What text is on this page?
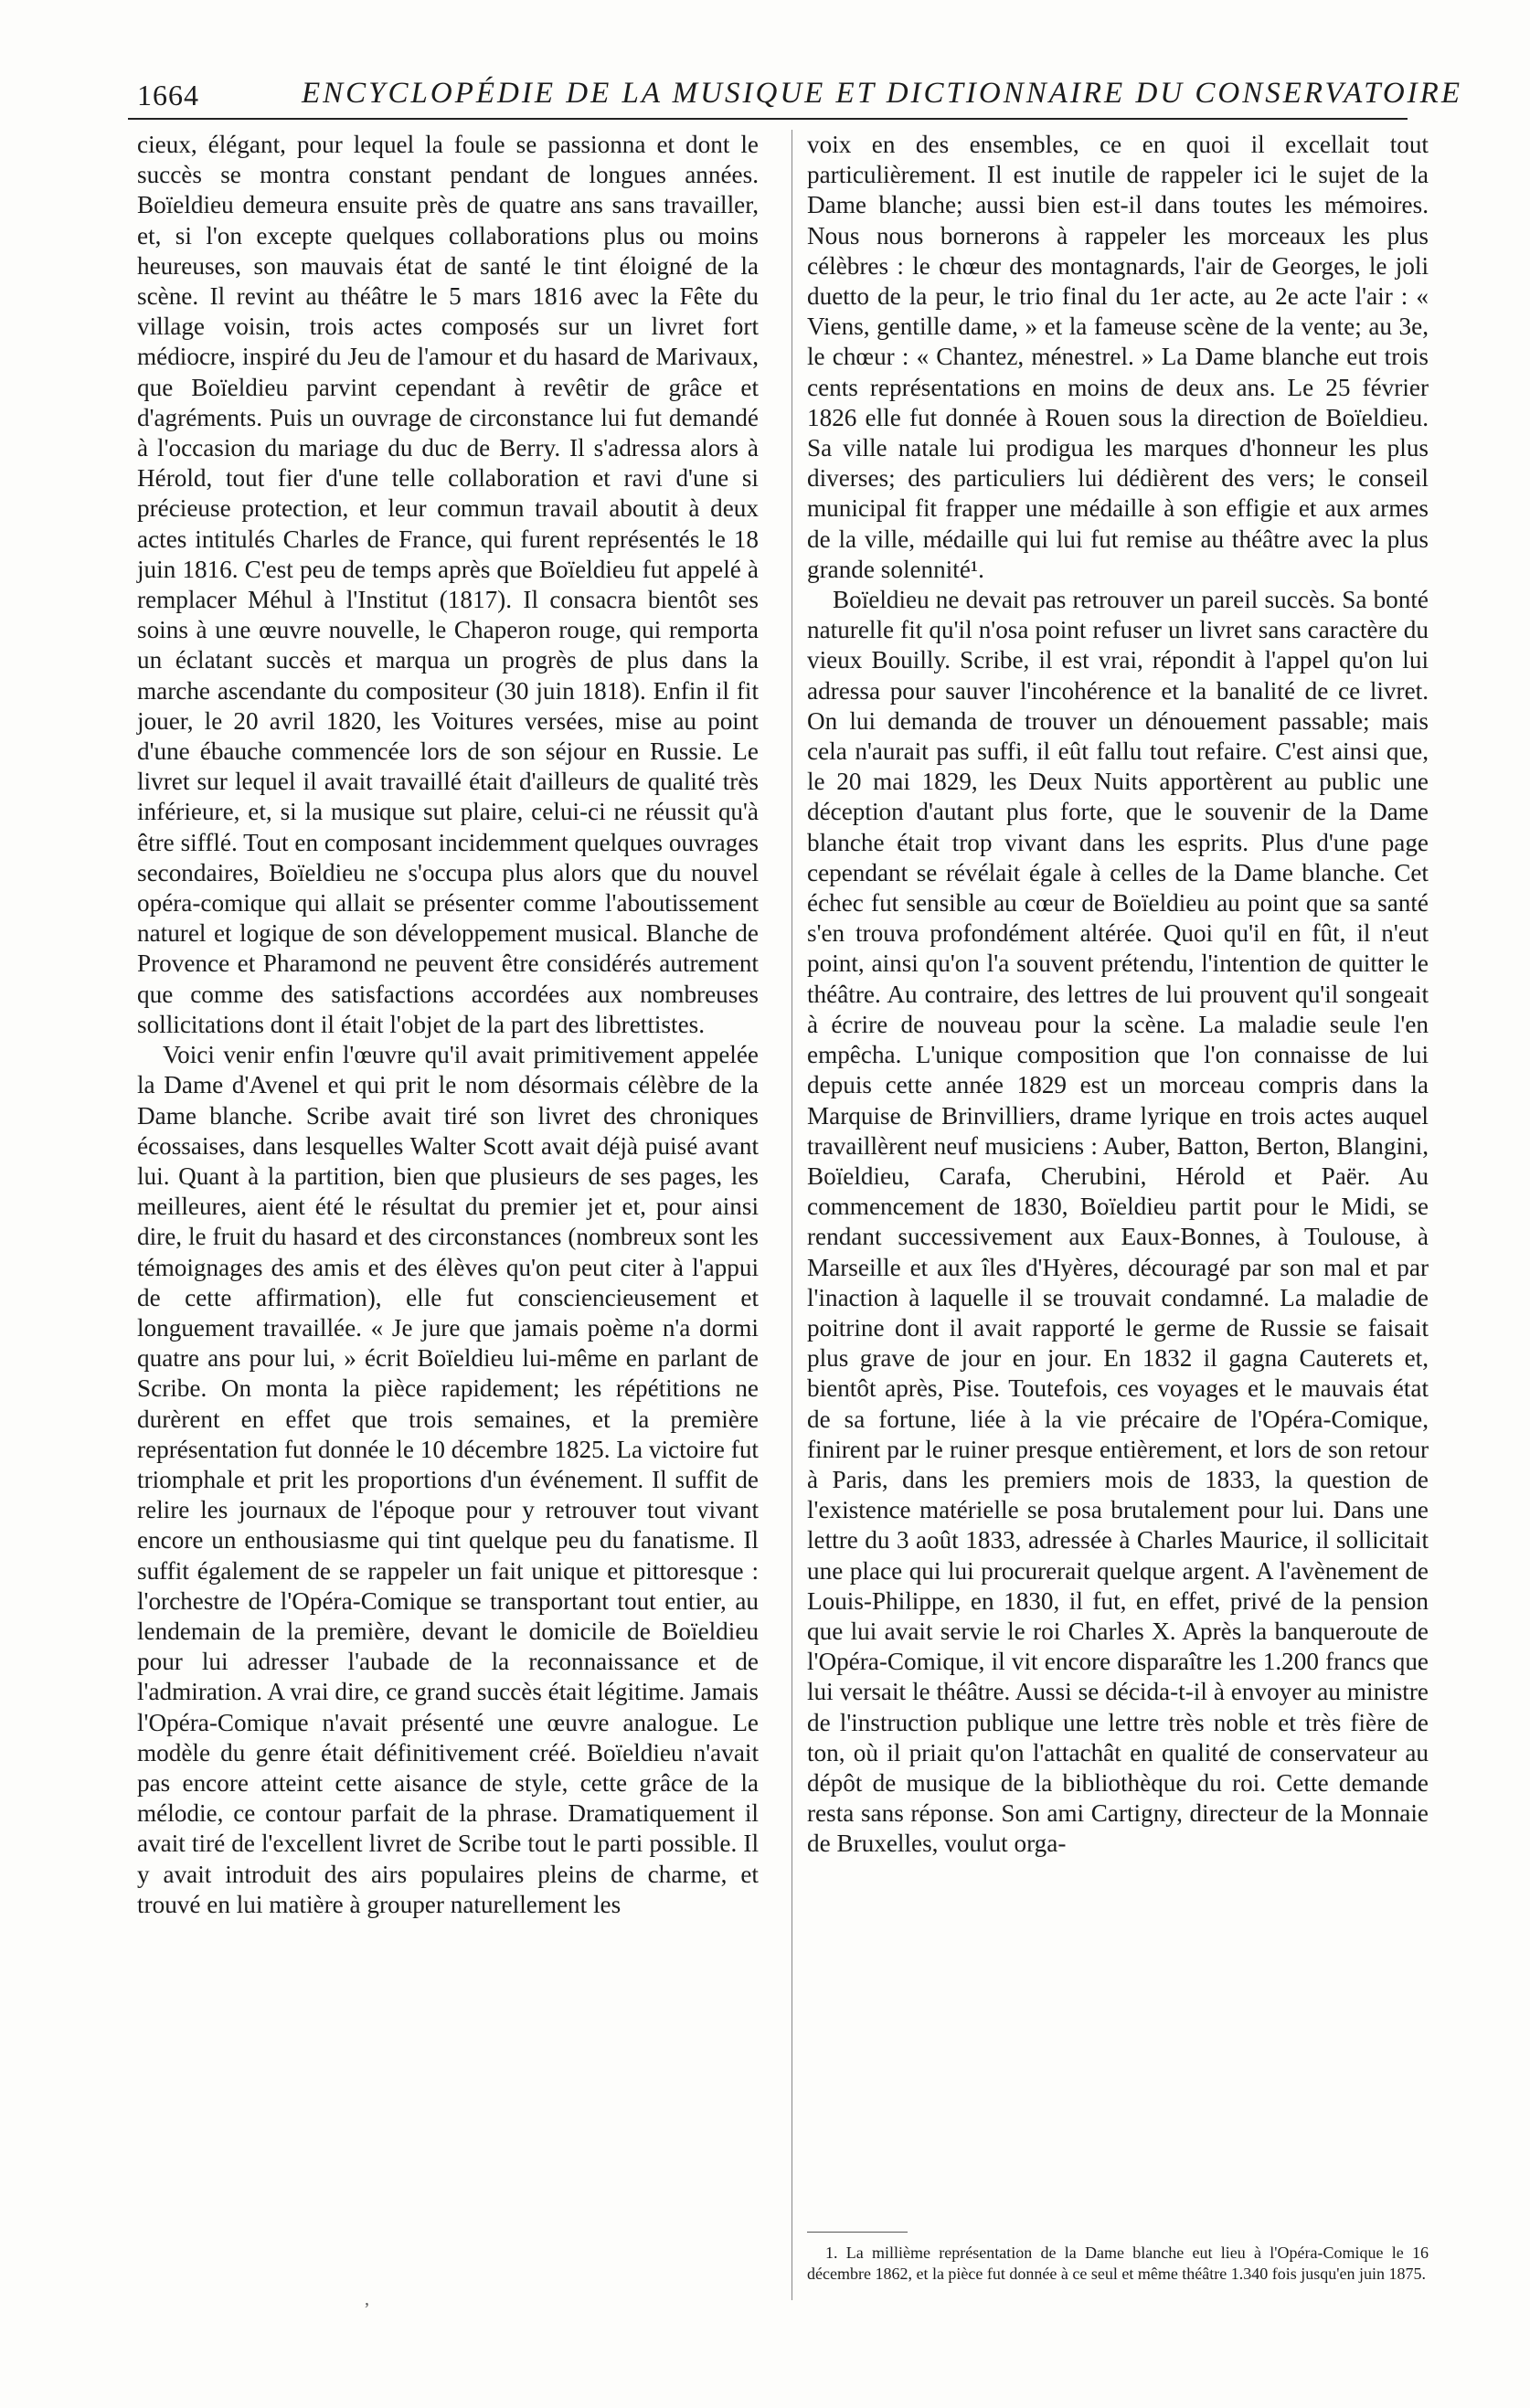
1664	ENCYCLOPÉDIE DE LA MUSIQUE ET DICTIONNAIRE DU CONSERVATOIRE

cieux, élégant, pour lequel la foule se passionna et dont le succès se montra constant pendant de longues années. Boïeldieu demeura ensuite près de quatre ans sans travailler, et, si l'on excepte quelques collaborations plus ou moins heureuses, son mauvais état de santé le tint éloigné de la scène. Il revint au théâtre le 5 mars 1816 avec la Fête du village voisin, trois actes composés sur un livret fort médiocre, inspiré du Jeu de l'amour et du hasard de Marivaux, que Boïeldieu parvint cependant à revêtir de grâce et d'agréments. Puis un ouvrage de circonstance lui fut demandé à l'occasion du mariage du duc de Berry. Il s'adressa alors à Hérold, tout fier d'une telle collaboration et ravi d'une si précieuse protection, et leur commun travail aboutit à deux actes intitulés Charles de France, qui furent représentés le 18 juin 1816. C'est peu de temps après que Boïeldieu fut appelé à remplacer Méhul à l'Institut (1817). Il consacra bientôt ses soins à une œuvre nouvelle, le Chaperon rouge, qui remporta un éclatant succès et marqua un progrès de plus dans la marche ascendante du compositeur (30 juin 1818). Enfin il fit jouer, le 20 avril 1820, les Voitures versées, mise au point d'une ébauche commencée lors de son séjour en Russie. Le livret sur lequel il avait travaillé était d'ailleurs de qualité très inférieure, et, si la musique sut plaire, celui-ci ne réussit qu'à être sifflé. Tout en composant incidemment quelques ouvrages secondaires, Boïeldieu ne s'occupa plus alors que du nouvel opéra-comique qui allait se présenter comme l'aboutissement naturel et logique de son développement musical. Blanche de Provence et Pharamond ne peuvent être considérés autrement que comme des satisfactions accordées aux nombreuses sollicitations dont il était l'objet de la part des librettistes.

Voici venir enfin l'œuvre qu'il avait primitivement appelée la Dame d'Avenel et qui prit le nom désormais célèbre de la Dame blanche. Scribe avait tiré son livret des chroniques écossaises, dans lesquelles Walter Scott avait déjà puisé avant lui. Quant à la partition, bien que plusieurs de ses pages, les meilleures, aient été le résultat du premier jet et, pour ainsi dire, le fruit du hasard et des circonstances (nombreux sont les témoignages des amis et des élèves qu'on peut citer à l'appui de cette affirmation), elle fut consciencieusement et longuement travaillée. « Je jure que jamais poème n'a dormi quatre ans pour lui, » écrit Boïeldieu lui-même en parlant de Scribe. On monta la pièce rapidement; les répétitions ne durèrent en effet que trois semaines, et la première représentation fut donnée le 10 décembre 1825. La victoire fut triomphale et prit les proportions d'un événement. Il suffit de relire les journaux de l'époque pour y retrouver tout vivant encore un enthousiasme qui tint quelque peu du fanatisme. Il suffit également de se rappeler un fait unique et pittoresque : l'orchestre de l'Opéra-Comique se transportant tout entier, au lendemain de la première, devant le domicile de Boïeldieu pour lui adresser l'aubade de la reconnaissance et de l'admiration. A vrai dire, ce grand succès était légitime. Jamais l'Opéra-Comique n'avait présenté une œuvre analogue. Le modèle du genre était définitivement créé. Boïeldieu n'avait pas encore atteint cette aisance de style, cette grâce de la mélodie, ce contour parfait de la phrase. Dramatiquement il avait tiré de l'excellent livret de Scribe tout le parti possible. Il y avait introduit des airs populaires pleins de charme, et trouvé en lui matière à grouper naturellement les

voix en des ensembles, ce en quoi il excellait tout particulièrement. Il est inutile de rappeler ici le sujet de la Dame blanche; aussi bien est-il dans toutes les mémoires. Nous nous bornerons à rappeler les morceaux les plus célèbres : le chœur des montagnards, l'air de Georges, le joli duetto de la peur, le trio final du 1er acte, au 2e acte l'air : « Viens, gentille dame, » et la fameuse scène de la vente; au 3e, le chœur : « Chantez, ménestrel. » La Dame blanche eut trois cents représentations en moins de deux ans. Le 25 février 1826 elle fut donnée à Rouen sous la direction de Boïeldieu. Sa ville natale lui prodigua les marques d'honneur les plus diverses; des particuliers lui dédièrent des vers; le conseil municipal fit frapper une médaille à son effigie et aux armes de la ville, médaille qui lui fut remise au théâtre avec la plus grande solennité¹.

Boïeldieu ne devait pas retrouver un pareil succès. Sa bonté naturelle fit qu'il n'osa point refuser un livret sans caractère du vieux Bouilly. Scribe, il est vrai, répondit à l'appel qu'on lui adressa pour sauver l'incohérence et la banalité de ce livret. On lui demanda de trouver un dénouement passable; mais cela n'aurait pas suffi, il eût fallu tout refaire. C'est ainsi que, le 20 mai 1829, les Deux Nuits apportèrent au public une déception d'autant plus forte, que le souvenir de la Dame blanche était trop vivant dans les esprits. Plus d'une page cependant se révélait égale à celles de la Dame blanche. Cet échec fut sensible au cœur de Boïeldieu au point que sa santé s'en trouva profondément altérée. Quoi qu'il en fût, il n'eut point, ainsi qu'on l'a souvent prétendu, l'intention de quitter le théâtre. Au contraire, des lettres de lui prouvent qu'il songeait à écrire de nouveau pour la scène. La maladie seule l'en empêcha. L'unique composition que l'on connaisse de lui depuis cette année 1829 est un morceau compris dans la Marquise de Brinvilliers, drame lyrique en trois actes auquel travaillèrent neuf musiciens : Auber, Batton, Berton, Blangini, Boïeldieu, Carafa, Cherubini, Hérold et Paër. Au commencement de 1830, Boïeldieu partit pour le Midi, se rendant successivement aux Eaux-Bonnes, à Toulouse, à Marseille et aux îles d'Hyères, découragé par son mal et par l'inaction à laquelle il se trouvait condamné. La maladie de poitrine dont il avait rapporté le germe de Russie se faisait plus grave de jour en jour. En 1832 il gagna Cauterets et, bientôt après, Pise. Toutefois, ces voyages et le mauvais état de sa fortune, liée à la vie précaire de l'Opéra-Comique, finirent par le ruiner presque entièrement, et lors de son retour à Paris, dans les premiers mois de 1833, la question de l'existence matérielle se posa brutalement pour lui. Dans une lettre du 3 août 1833, adressée à Charles Maurice, il sollicitait une place qui lui procurerait quelque argent. A l'avènement de Louis-Philippe, en 1830, il fut, en effet, privé de la pension que lui avait servie le roi Charles X. Après la banqueroute de l'Opéra-Comique, il vit encore disparaître les 1.200 francs que lui versait le théâtre. Aussi se décida-t-il à envoyer au ministre de l'instruction publique une lettre très noble et très fière de ton, où il priait qu'on l'attachât en qualité de conservateur au dépôt de musique de la bibliothèque du roi. Cette demande resta sans réponse. Son ami Cartigny, directeur de la Monnaie de Bruxelles, voulut orga-

1. La millième représentation de la Dame blanche eut lieu à l'Opéra-Comique le 16 décembre 1862, et la pièce fut donnée à ce seul et même théâtre 1.340 fois jusqu'en juin 1875.

’
